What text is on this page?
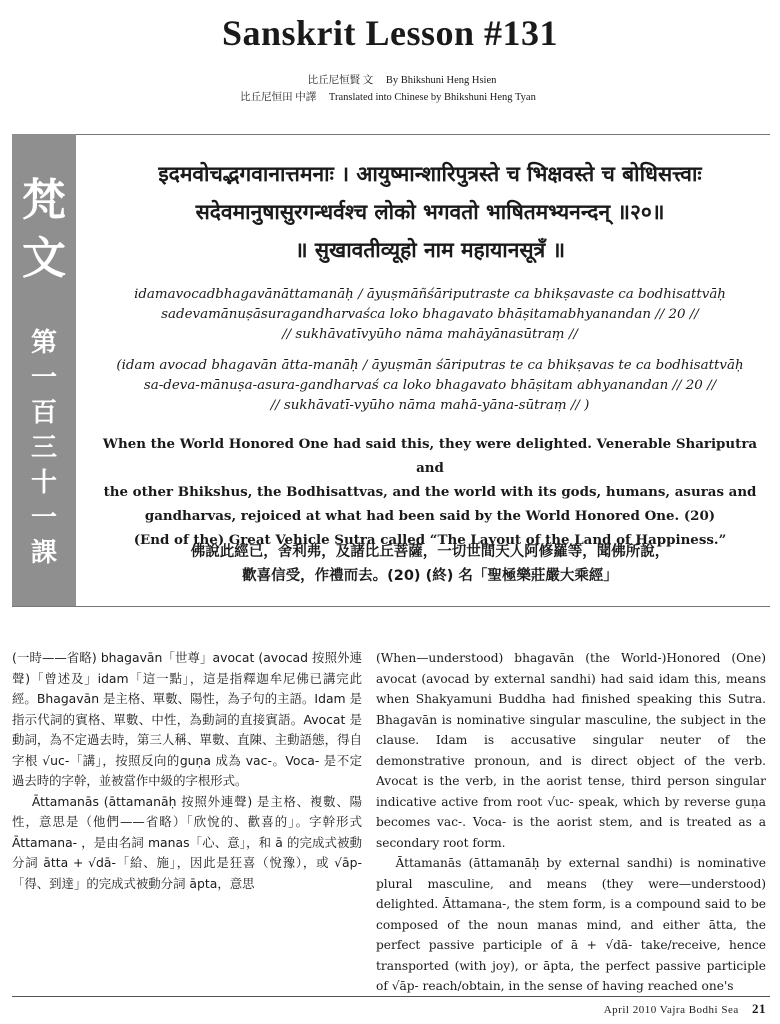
Sanskrit Lesson #131
比丘尼恒賢 文 By Bhikshuni Heng Hsien
比丘尼恒田 中譯 Translated into Chinese by Bhikshuni Heng Tyan
梵
文
第
一
百
三
十
一
課
इदमवोचद्भगवानात्तमनाः । आयुष्मान्शारिपुत्रस्ते च भिक्षवस्ते च बोधिसत्त्वाः
सदेवमानुषासुरगन्धर्वश्च लोको भगवतो भाषितमभ्यनन्दन् ॥२०॥
॥ सुखावतीव्यूहो नाम महायानसूत्रँ ॥
idamavocadbhagavānāttamanāḥ / āyuṣmāñśāriputraste ca bhikṣavaste ca bodhisattvāḥ
sadevamānuṣāsuragandharvaśca loko bhagavato bhāṣitamabhyanandan // 20 //
// sukhāvatīvyūho nāma mahāyānasūtraṃ //
(idam avocad bhagavān ātta-manāḥ / āyuṣmān śāriputras te ca bhikṣavas te ca bodhisattvāḥ
sa-deva-mānuṣa-asura-gandharvaś ca loko bhagavato bhāṣitam abhyanandan // 20 //
// sukhāvatī-vyūho nāma mahā-yāna-sūtraṃ // )
When the World Honored One had said this, they were delighted. Venerable Shariputra and
the other Bhikshus, the Bodhisattvas, and the world with its gods, humans, asuras and
gandharvas, rejoiced at what had been said by the World Honored One. (20)
(End of the) Great Vehicle Sutra called “The Layout of the Land of Happiness.”
佛說此經已，舍利弗，及諸比丘菩薩，一切世間天人阿修羅等，聞佛所說，
歡喜信受，作禮而去。(20) (終) 名「聖極樂莊嚴大乘經」

(一時——省略) bhagavān「世尊」avocat (avocad 按照外連聲)「曾述及」idam「這一點」，這是指釋迦牟尼佛已講完此經。Bhagavān 是主格、單數、陽性，為子句的主語。Idam 是指示代詞的賓格、單數、中性，為動詞的直接賓語。Avocat 是動詞，為不定過去時，第三人稱、單數、直陳、主動語態，得自字根 √uc-「講」，按照反向的guṇa 成為 vac-。Voca- 是不定過去時的字幹，並被當作中級的字根形式。

Āttamanās (āttamanāḥ 按照外連聲) 是主格、複數、陽性，意思是（他們——省略）「欣悅的、歡喜的」。字幹形式 Āttamana- ，是由名詞 manas「心、意」，和 ā 的完成式被動分詞 ātta + √dā-「給、施」，因此是狂喜（悅豫），或 √āp-「得、到達」的完成式被動分詞 āpta，意思

(When—understood) bhagavān (the World-)Honored (One) avocat (avocad by external sandhi) had said idam this, means when Shakyamuni Buddha had finished speaking this Sutra. Bhagavān is nominative singular masculine, the subject in the clause. Idam is accusative singular neuter of the demonstrative pronoun, and is direct object of the verb. Avocat is the verb, in the aorist tense, third person singular indicative active from root √uc- speak, which by reverse guṇa becomes vac-. Voca- is the aorist stem, and is treated as a secondary root form.

Āttamanās (āttamanāḥ by external sandhi) is nominative plural masculine, and means (they were—understood) delighted. Āttamana-, the stem form, is a compound said to be composed of the noun manas mind, and either ātta, the perfect passive participle of ā + √dā- take/receive, hence transported (with joy), or āpta, the perfect passive participle of √āp- reach/obtain, in the sense of having reached one's

April 2010 Vajra Bodhi Sea 21
